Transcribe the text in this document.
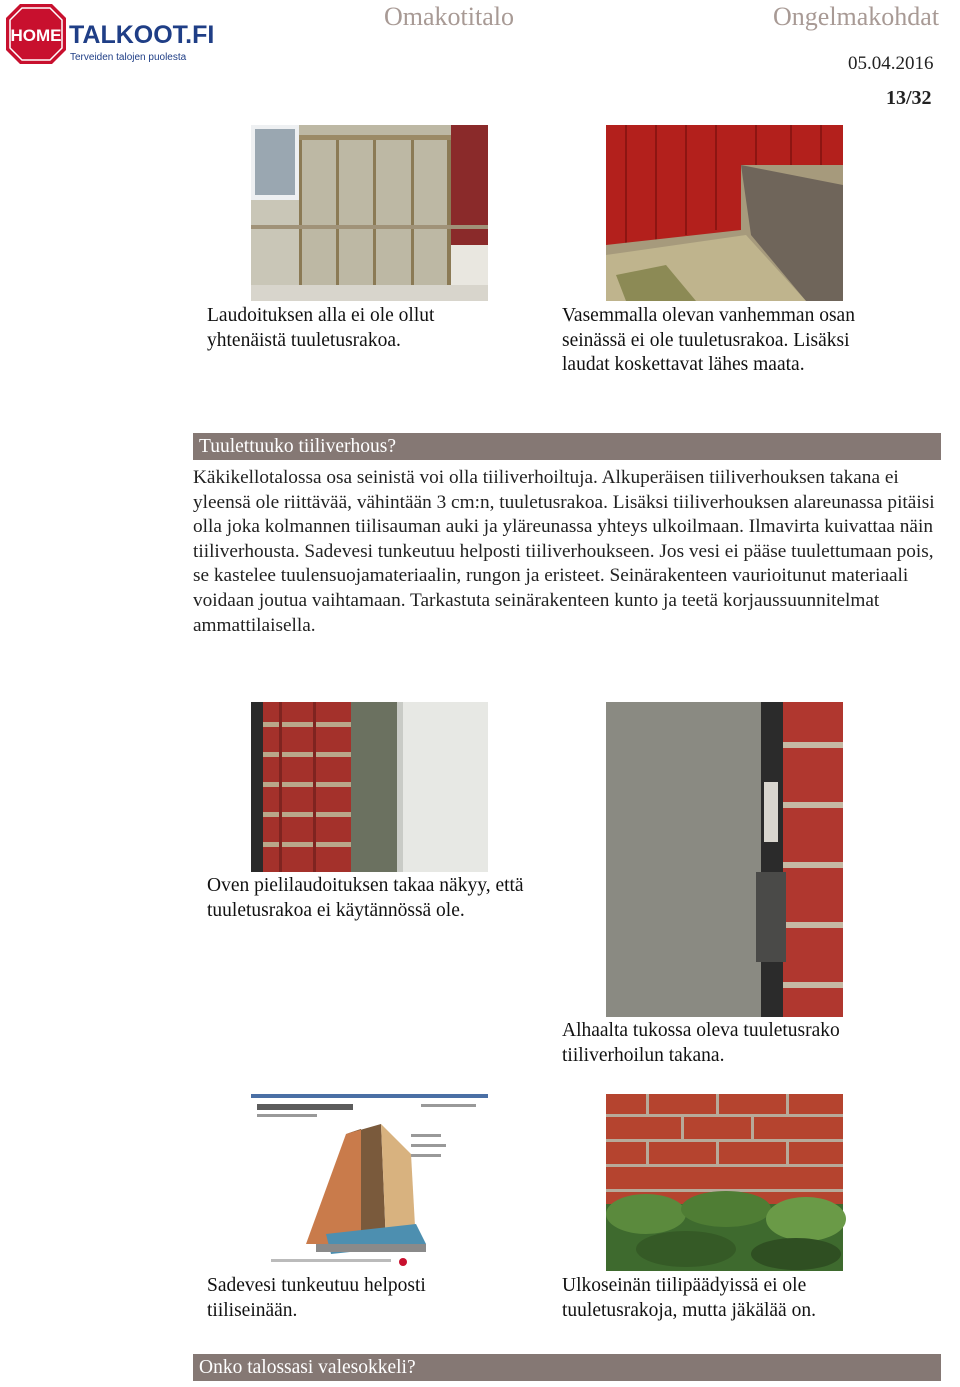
HOME TALKOOT.FI
Terveiden talojen puolesta
Omakotitalo	Ongelmakohdat
05.04.2016
13/32
Laudoituksen alla ei ole ollut yhtenäistä tuuletusrakoa.
Vasemmalla olevan vanhemman osan seinässä ei ole tuuletusrakoa. Lisäksi laudat koskettavat lähes maata.
Tuulettuuko tiiliverhous?
Käkikellotalossa osa seinistä voi olla tiiliverhoiltuja. Alkuperäisen tiiliverhouksen takana ei yleensä ole riittävää, vähintään 3 cm:n, tuuletusrakoa. Lisäksi tiiliverhouksen alareunassa pitäisi olla joka kolmannen tiilisauman auki ja yläreunassa yhteys ulkoilmaan. Ilmavirta kuivattaa näin tiiliverhousta. Sadevesi tunkeutuu helposti tiiliverhoukseen. Jos vesi ei pääse tuulettumaan pois, se kastelee tuulensuojamateriaalin, rungon ja eristeet. Seinärakenteen vaurioitunut materiaali voidaan joutua vaihtamaan. Tarkastuta seinärakenteen kunto ja teetä korjaussuunnitelmat ammattilaisella.
Oven pielilaudoituksen takaa näkyy, että tuuletusrakoa ei käytännössä ole.
Alhaalta tukossa oleva tuuletusrako tiiliverhoilun takana.
Sadevesi tunkeutuu helposti tiiliseinään.
Ulkoseinän tiilipäädyissä ei ole tuuletusrakoja, mutta jäkälää on.
Onko talossasi valesokkeli?
